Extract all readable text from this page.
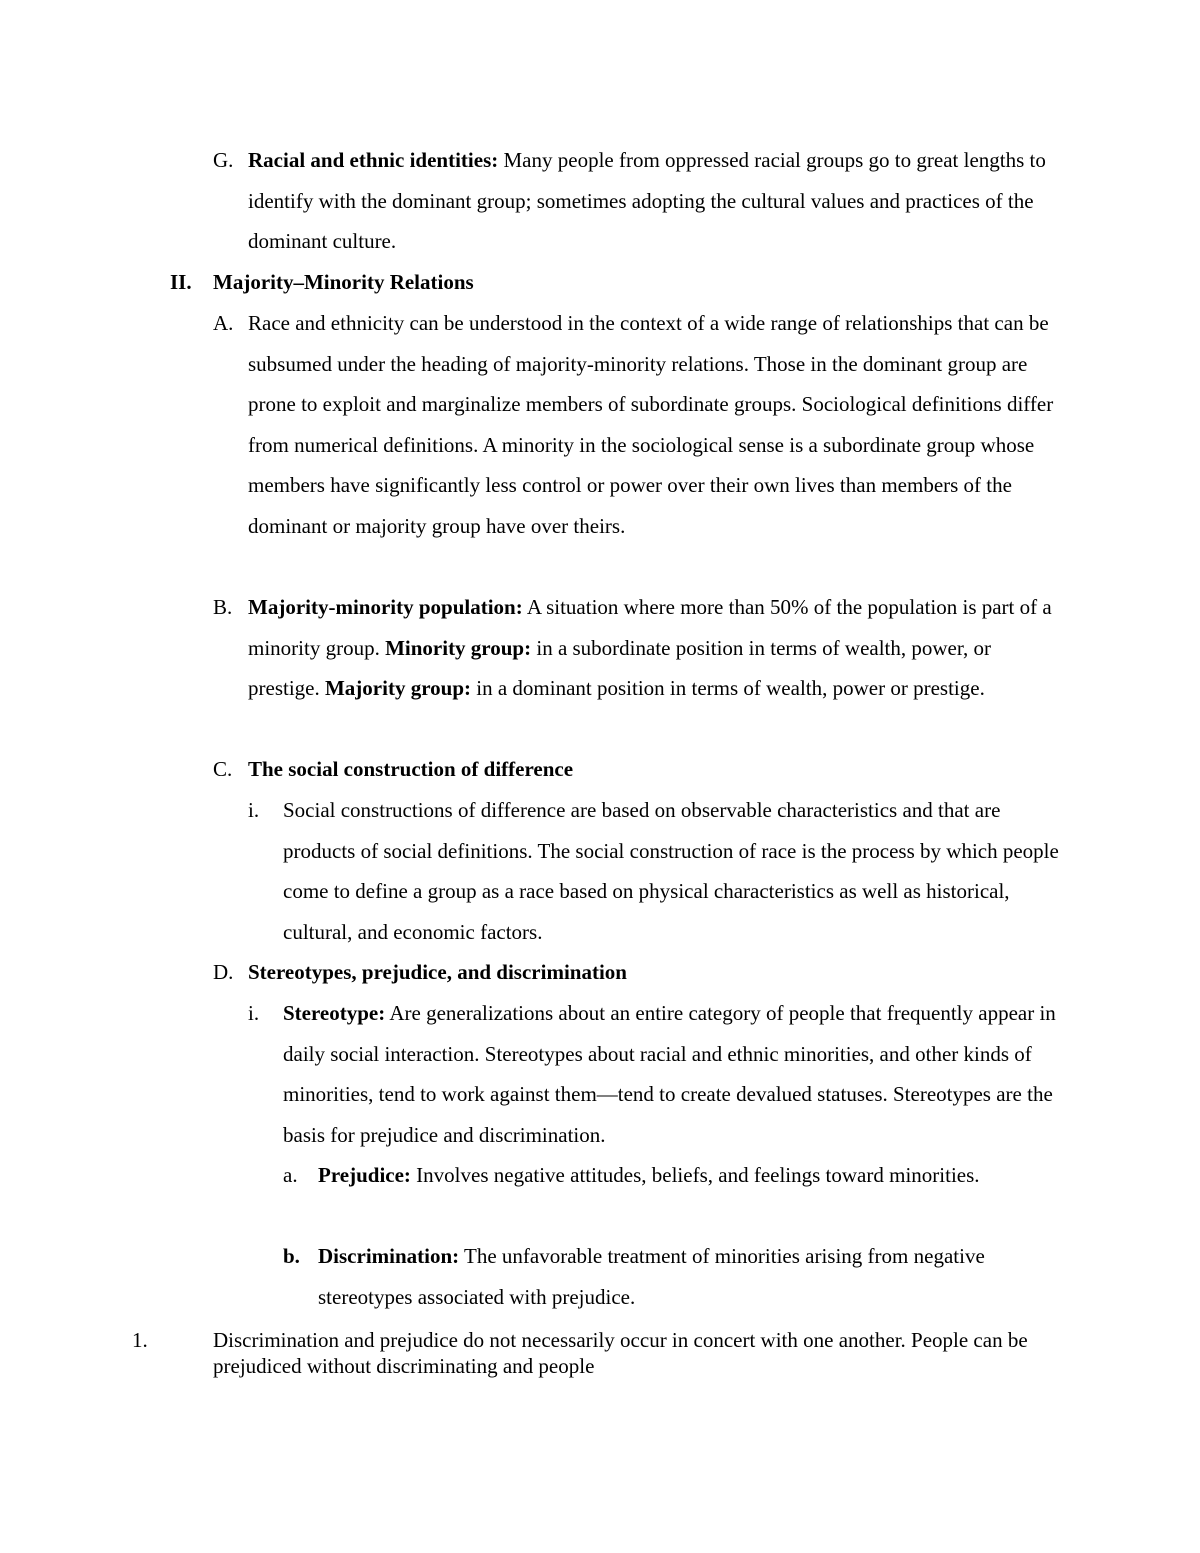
G. Racial and ethnic identities: Many people from oppressed racial groups go to great lengths to identify with the dominant group; sometimes adopting the cultural values and practices of the dominant culture.
II. Majority–Minority Relations
A. Race and ethnicity can be understood in the context of a wide range of relationships that can be subsumed under the heading of majority-minority relations. Those in the dominant group are prone to exploit and marginalize members of subordinate groups. Sociological definitions differ from numerical definitions. A minority in the sociological sense is a subordinate group whose members have significantly less control or power over their own lives than members of the dominant or majority group have over theirs.
B. Majority-minority population: A situation where more than 50% of the population is part of a minority group. Minority group: in a subordinate position in terms of wealth, power, or prestige. Majority group: in a dominant position in terms of wealth, power or prestige.
C. The social construction of difference
i. Social constructions of difference are based on observable characteristics and that are products of social definitions. The social construction of race is the process by which people come to define a group as a race based on physical characteristics as well as historical, cultural, and economic factors.
D. Stereotypes, prejudice, and discrimination
i. Stereotype: Are generalizations about an entire category of people that frequently appear in daily social interaction. Stereotypes about racial and ethnic minorities, and other kinds of minorities, tend to work against them—tend to create devalued statuses. Stereotypes are the basis for prejudice and discrimination.
a. Prejudice: Involves negative attitudes, beliefs, and feelings toward minorities.
b. Discrimination: The unfavorable treatment of minorities arising from negative stereotypes associated with prejudice.
1.	Discrimination and prejudice do not necessarily occur in concert with one another. People can be prejudiced without discriminating and people
